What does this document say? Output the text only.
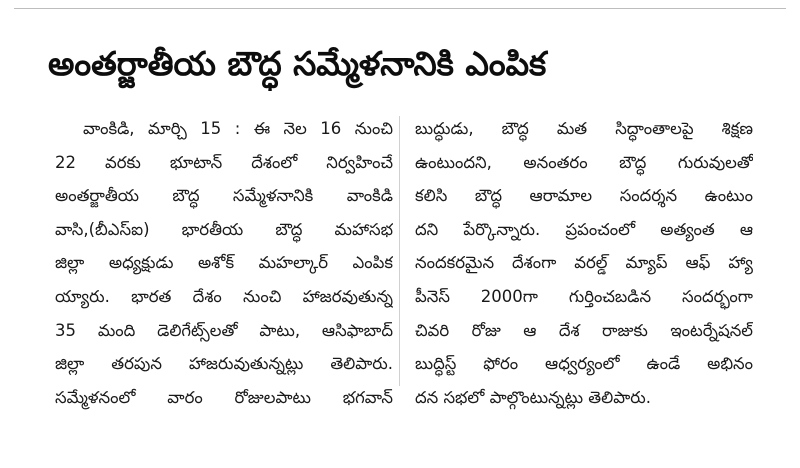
అంతర్జాతీయ బౌద్ధ సమ్మేళనానికి ఎంపిక
వాంకిడి, మార్చి 15 : ఈ నెల 16 నుంచి
22 వరకు భూటాన్ దేశంలో నిర్వహించే
అంతర్జాతీయ బౌద్ధ సమ్మేళనానికి వాంకిడి
వాసి,(బీఎస్ఐ) భారతీయ బౌద్ధ మహాసభ
జిల్లా అధ్యక్షుడు అశోక్ మహల్కార్ ఎంపిక
య్యారు. భారత దేశం నుంచి హాజరవుతున్న
35 మంది డెలిగేట్స్‌లతో పాటు, ఆసిఫాబాద్
జిల్లా తరపున హాజరువుతున్నట్లు తెలిపారు.
సమ్మేళనంలో వారం రోజులపాటు భగవాన్
బుద్ధుడు, బౌద్ధ మత సిద్ధాంతాలపై శిక్షణ
ఉంటుందని, అనంతరం బౌద్ధ గురువులతో
కలిసి బౌద్ధ ఆరామాల సందర్శన ఉంటుం
దని పేర్కొన్నారు. ప్రపంచంలో అత్యంత ఆ
నందకరమైన దేశంగా వరల్డ్ మ్యాప్ ఆఫ్ హ్యా
పీనెస్ 2000గా గుర్తించబడిన సందర్భంగా
చివరి రోజు ఆ దేశ రాజుకు ఇంటర్నేషనల్
బుద్ధిస్ట్ ఫోరం ఆధ్వర్యంలో ఉండే అభినం
దన సభలో పాల్గొంటున్నట్లు తెలిపారు.
